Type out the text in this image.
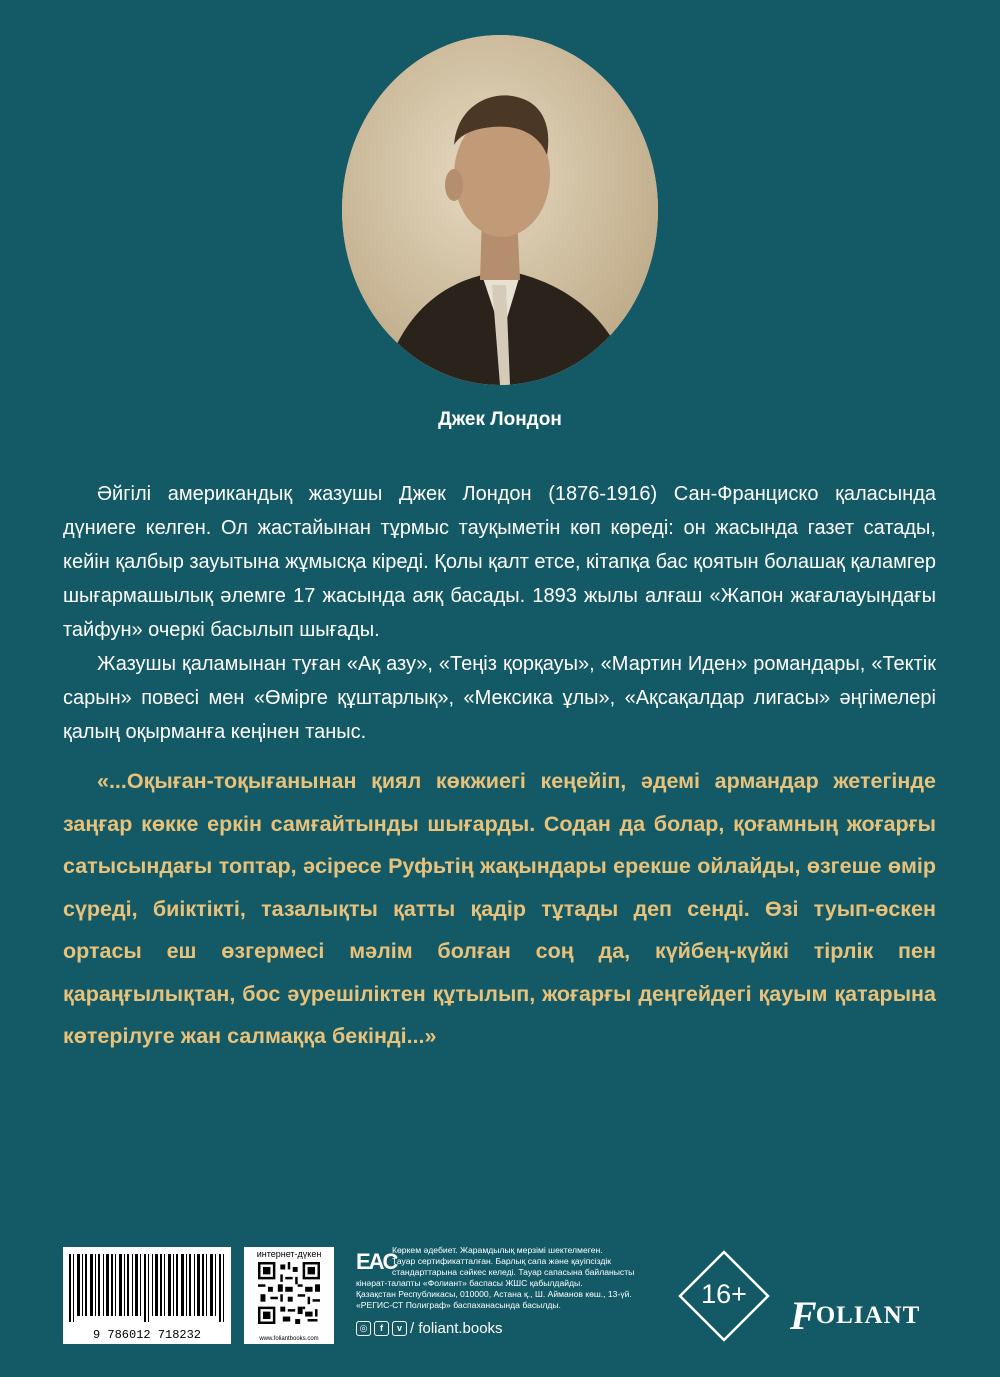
Джек Лондон

Әйгілі американдық жазушы Джек Лондон (1876-1916) Сан-Франциско қаласында дүниеге келген. Ол жастайынан тұрмыс тауқыметін көп көреді: он жасында газет сатады, кейін қалбыр зауытына жұмысқа кіреді. Қолы қалт етсе, кітапқа бас қоятын болашақ қаламгер шығармашылық әлемге 17 жасында аяқ басады. 1893 жылы алғаш «Жапон жағалауындағы тайфун» очеркі басылып шығады.

Жазушы қаламынан туған «Ақ азу», «Теңіз қорқауы», «Мартин Иден» романдары, «Тектік сарын» повесі мен «Өмірге құштарлық», «Мексика ұлы», «Ақсақалдар лигасы» әңгімелері қалың оқырманға кеңінен таныс.

«...Оқыған-тоқығанынан қиял көкжиегі кеңейіп, әдемі армандар жетегінде заңғар көкке еркін самғайтынды шығарды. Содан да болар, қоғамның жоғарғы сатысындағы топтар, әсіресе Руфьтің жақындары ерекше ойлайды, өзгеше өмір сүреді, биіктікті, тазалықты қатты қадір тұтады деп сенді. Өзі туып-өскен ортасы еш өзгермесі мәлім болған соң да, күйбең-күйкі тірлік пен қараңғылықтан, бос әурешіліктен құтылып, жоғарғы деңгейдегі қауым қатарына көтерілуге жан салмаққа бекінді...»
9 786012 718232
интернет-дүкен
www.foliantbooks.com
EAC
Көркем әдебиет. Жарамдылық мерзімі шектелмеген.
Тауар сертификатталған. Барлық сапа және қауіпсіздік
стандарттарына сәйкес келеді. Тауар сапасына байланысты
кінәрат-талапты «Фолиант» баспасы ЖШС қабылдайды.
Қазақстан Республикасы, 010000, Астана қ., Ш. Айманов көш., 13-үй.
«РЕГИС-СТ Полиграф» баспаханасында басылды.
◎	f	v / foliant.books
16+	FOLIANT
